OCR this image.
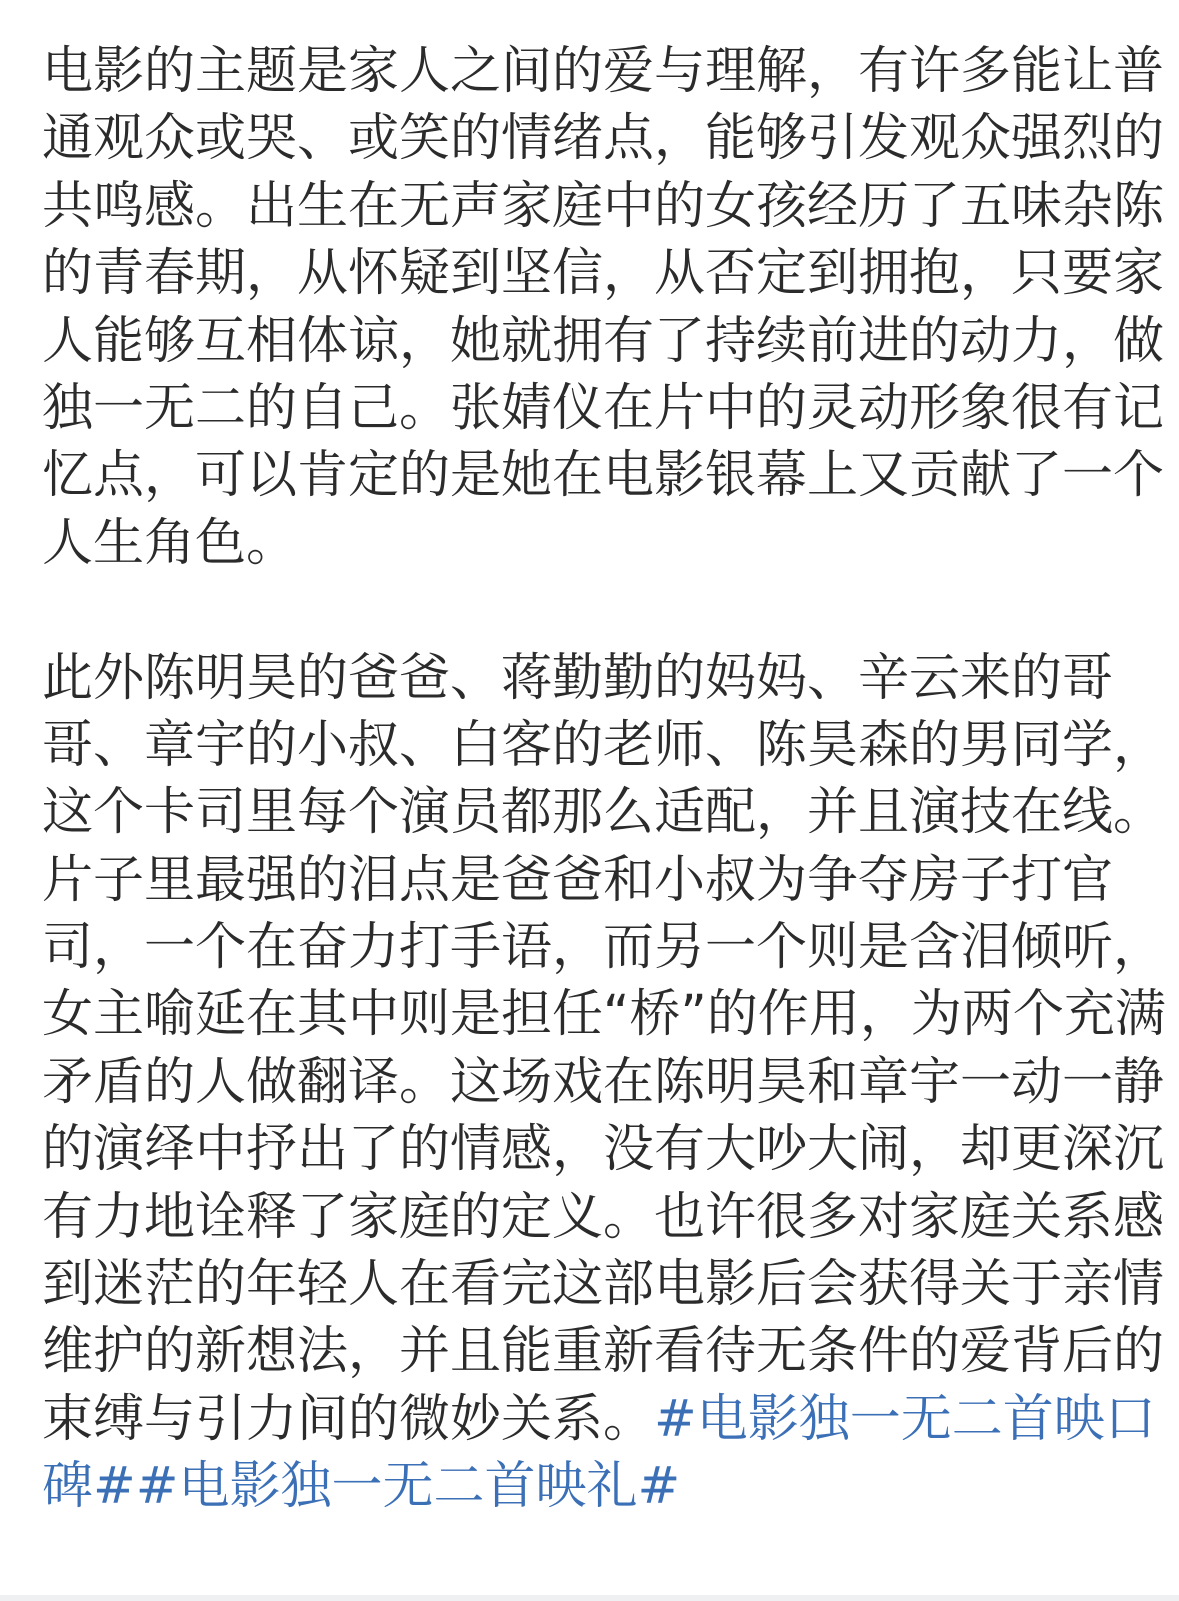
电影的主题是家人之间的爱与理解，有许多能让普
通观众或哭、或笑的情绪点，能够引发观众强烈的
共鸣感。出生在无声家庭中的女孩经历了五味杂陈
的青春期，从怀疑到坚信，从否定到拥抱，只要家
人能够互相体谅，她就拥有了持续前进的动力，做
独一无二的自己。张婧仪在片中的灵动形象很有记
忆点，可以肯定的是她在电影银幕上又贡献了一个
人生角色。
此外陈明昊的爸爸、蒋勤勤的妈妈、辛云来的哥
哥、章宇的小叔、白客的老师、陈昊森的男同学，
这个卡司里每个演员都那么适配，并且演技在线。
片子里最强的泪点是爸爸和小叔为争夺房子打官
司，一个在奋力打手语，而另一个则是含泪倾听，
女主喻延在其中则是担任“桥”的作用，为两个充满
矛盾的人做翻译。这场戏在陈明昊和章宇一动一静
的演绎中抒出了的情感，没有大吵大闹，却更深沉
有力地诠释了家庭的定义。也许很多对家庭关系感
到迷茫的年轻人在看完这部电影后会获得关于亲情
维护的新想法，并且能重新看待无条件的爱背后的
束缚与引力间的微妙关系。#电影独一无二首映口
碑##电影独一无二首映礼#
